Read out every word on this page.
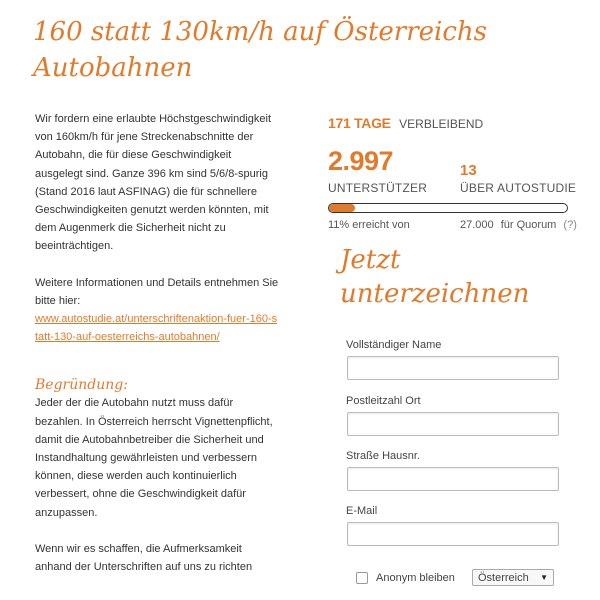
160 statt 130km/h auf Österreichs Autobahnen

Wir fordern eine erlaubte Höchstgeschwindigkeit von 160km/h für jene Streckenabschnitte der Autobahn, die für diese Geschwindigkeit ausgelegt sind. Ganze 396 km sind 5/6/8-spurig (Stand 2016 laut ASFINAG) die für schnellere Geschwindigkeiten genutzt werden könnten, mit dem Augenmerk die Sicherheit nicht zu beeinträchtigen.

Weitere Informationen und Details entnehmen Sie bitte hier:
www.autostudie.at/unterschriftenaktion-fuer-160-statt-130-auf-oesterreichs-autobahnen/

Begründung:

Jeder der die Autobahn nutzt muss dafür bezahlen. In Österreich herrscht Vignettenpflicht, damit die Autobahnbetreiber die Sicherheit und Instandhaltung gewährleisten und verbessern können, diese werden auch kontinuierlich verbessert, ohne die Geschwindigkeit dafür anzupassen.

Wenn wir es schaffen, die Aufmerksamkeit anhand der Unterschriften auf uns zu richten

171 TAGE VERBLEIBEND
2.997	13
UNTERSTÜTZER	ÜBER AUTOSTUDIE
11% erreicht von	27.000 für Quorum (?)
Jetzt unterzeichnen
Vollständiger Name
Postleitzahl Ort
Straße Hausnr.
E-Mail
Anonym bleiben Österreich ▼
